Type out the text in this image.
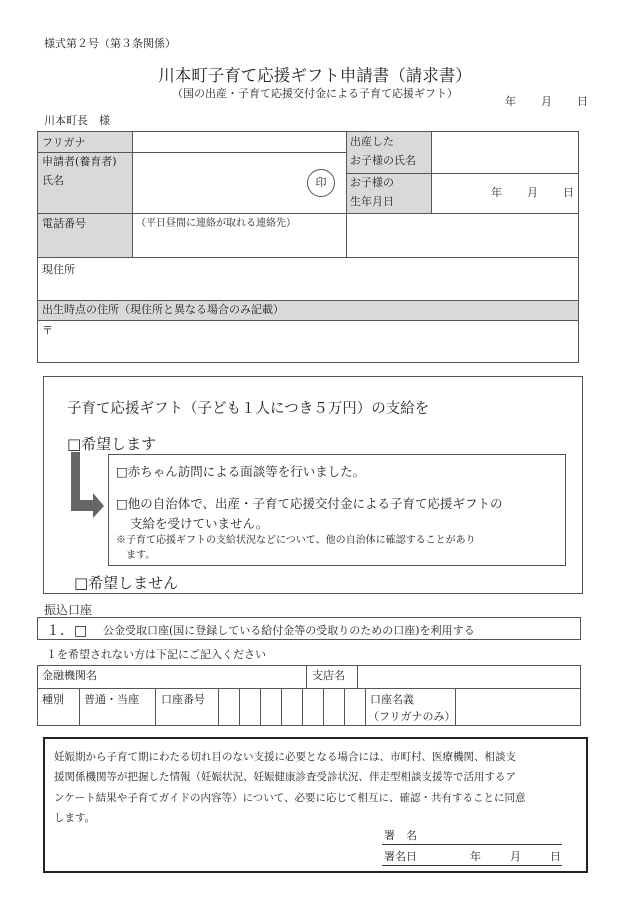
様式第２号（第３条関係）
川本町子育て応援ギフト申請書（請求書）
（国の出産・子育て応援交付金による子育て応援ギフト）
年 月 日
川本町長　様
フリガナ
申請者(養育者)
氏名	印
出産した
お子様の氏名
お子様の
生年月日
年 月 日
電話番号	（平日昼間に連絡が取れる連絡先）
現住所
出生時点の住所（現住所と異なる場合のみ記載）
〒
子育て応援ギフト（子ども１人につき５万円）の支給を
□希望します
□赤ちゃん訪問による面談等を行いました。
□他の自治体で、出産・子育て応援交付金による子育て応援ギフトの
支給を受けていません。
※子育て応援ギフトの支給状況などについて、他の自治体に確認することがあり
ます。
□希望しません
振込口座
１．□ 公金受取口座(国に登録している給付金等の受取りのための口座)を利用する
１を希望されない方は下記にご記入ください
金融機関名	支店名
種別 普通・当座 口座番号	口座名義
（フリガナのみ）
妊娠期から子育て期にわたる切れ目のない支援に必要となる場合には、市町村、医療機関、相談支
援関係機関等が把握した情報（妊娠状況、妊娠健康診査受診状況、伴走型相談支援等で活用するア
ンケート結果や子育てガイドの内容等）について、必要に応じて相互に、確認・共有することに同意
します。
署　名
署名日	年	月	日
